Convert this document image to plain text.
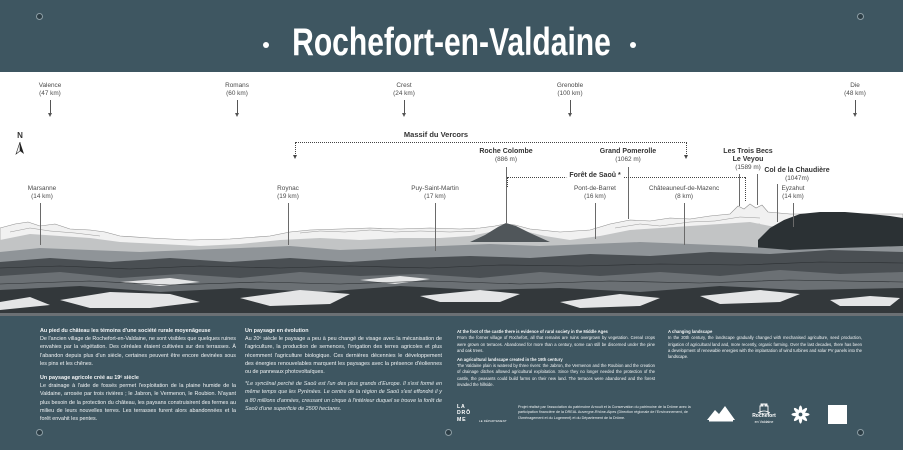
Rochefort-en-Valdaine
N
Valence
(47 km)
Romans
(60 km)
Crest
(24 km)
Grenoble
(100 km)
Die
(48 km)
Massif du Vercors
Roche Colombe
(886 m)
Grand Pomerolle
(1062 m)
Les Trois Becs
Le Veyou
(1589 m) Col de la Chaudière
(1047m)
Forêt de Saoû *
Marsanne
(14 km)
Roynac
(19 km)
Puy-Saint-Martin
(17 km)
Pont-de-Barret
(16 km)
Châteauneuf-de-Mazenc
(8 km)
Eyzahut
(14 km)
Au pied du château les témoins d'une société rurale moyenâgeuse
De l'ancien village de Rochefort-en-Valdaine, ne sont visibles que quelques ruines envahies par la végétation. Des céréales étaient cultivées sur des terrasses. À l'abandon depuis plus d'un siècle, certaines peuvent être encore devinées sous les pins et les chênes.
Un paysage agricole créé au 19ᵉ siècle
Le drainage à l'aide de fossés permet l'exploitation de la plaine humide de la Valdaine, arrosée par trois rivières ; le Jabron, le Vermenon, le Roubion. N'ayant plus besoin de la protection du château, les paysans construisirent des fermes au milieu de leurs nouvelles terres. Les terrasses furent alors abandonnées et la forêt envahit les pentes.
Un paysage en évolution
Au 20ᵉ siècle le paysage a peu à peu changé de visage avec la mécanisation de l'agriculture, la production de semences, l'irrigation des terres agricoles et plus récemment l'agriculture biologique. Ces dernières décennies le développement des énergies renouvelables marquent les paysages avec la présence d'éoliennes ou de panneaux photovoltaïques.
*Le synclinal perché de Saoû est l'un des plus grands d'Europe. Il s'est formé en même temps que les Pyrénées. Le centre de la région de Saoû s'est effondré il y a 80 millions d'années, creusant un cirque à l'intérieur duquel se trouve la forêt de Saoû d'une superficie de 2500 hectares.
At the foot of the castle there is evidence of rural society in the Middle Ages
From the former village of Rochefort, all that remains are ruins overgrown by vegetation. Cereal crops were grown on terraces. Abandoned for more than a century, some can still be discerned under the pine and oak trees.
An agricultural landscape created in the 19th century
The Valdaine plain is watered by three rivers: the Jabron, the Vermenon and the Roubion and the creation of drainage ditches allowed agricultural exploitation. Since they no longer needed the protection of the castle, the peasants could build farms on their new land. The terraces were abandoned and the forest invaded the hillside.
A changing landscape
In the 20th century, the landscape gradually changed with mechanised agriculture, seed production, irrigation of agricultural land and, more recently, organic farming. Over the last decades, there has been a development of renewable energies with the implantation of wind turbines and solar PV panels into the landscape.
LA
DRÔ
ME	LE DÉPARTEMENT
Projet réalisé par l'association du patrimoine Arnoult et la Conservation du patrimoine de la Drôme avec la participation financière de la DREAL Auvergne-Rhône-Alpes (Direction régionale de l'Environnement, de l'Aménagement et du Logement) et du Département de la Drôme.	Rochefort
en Valdaine
